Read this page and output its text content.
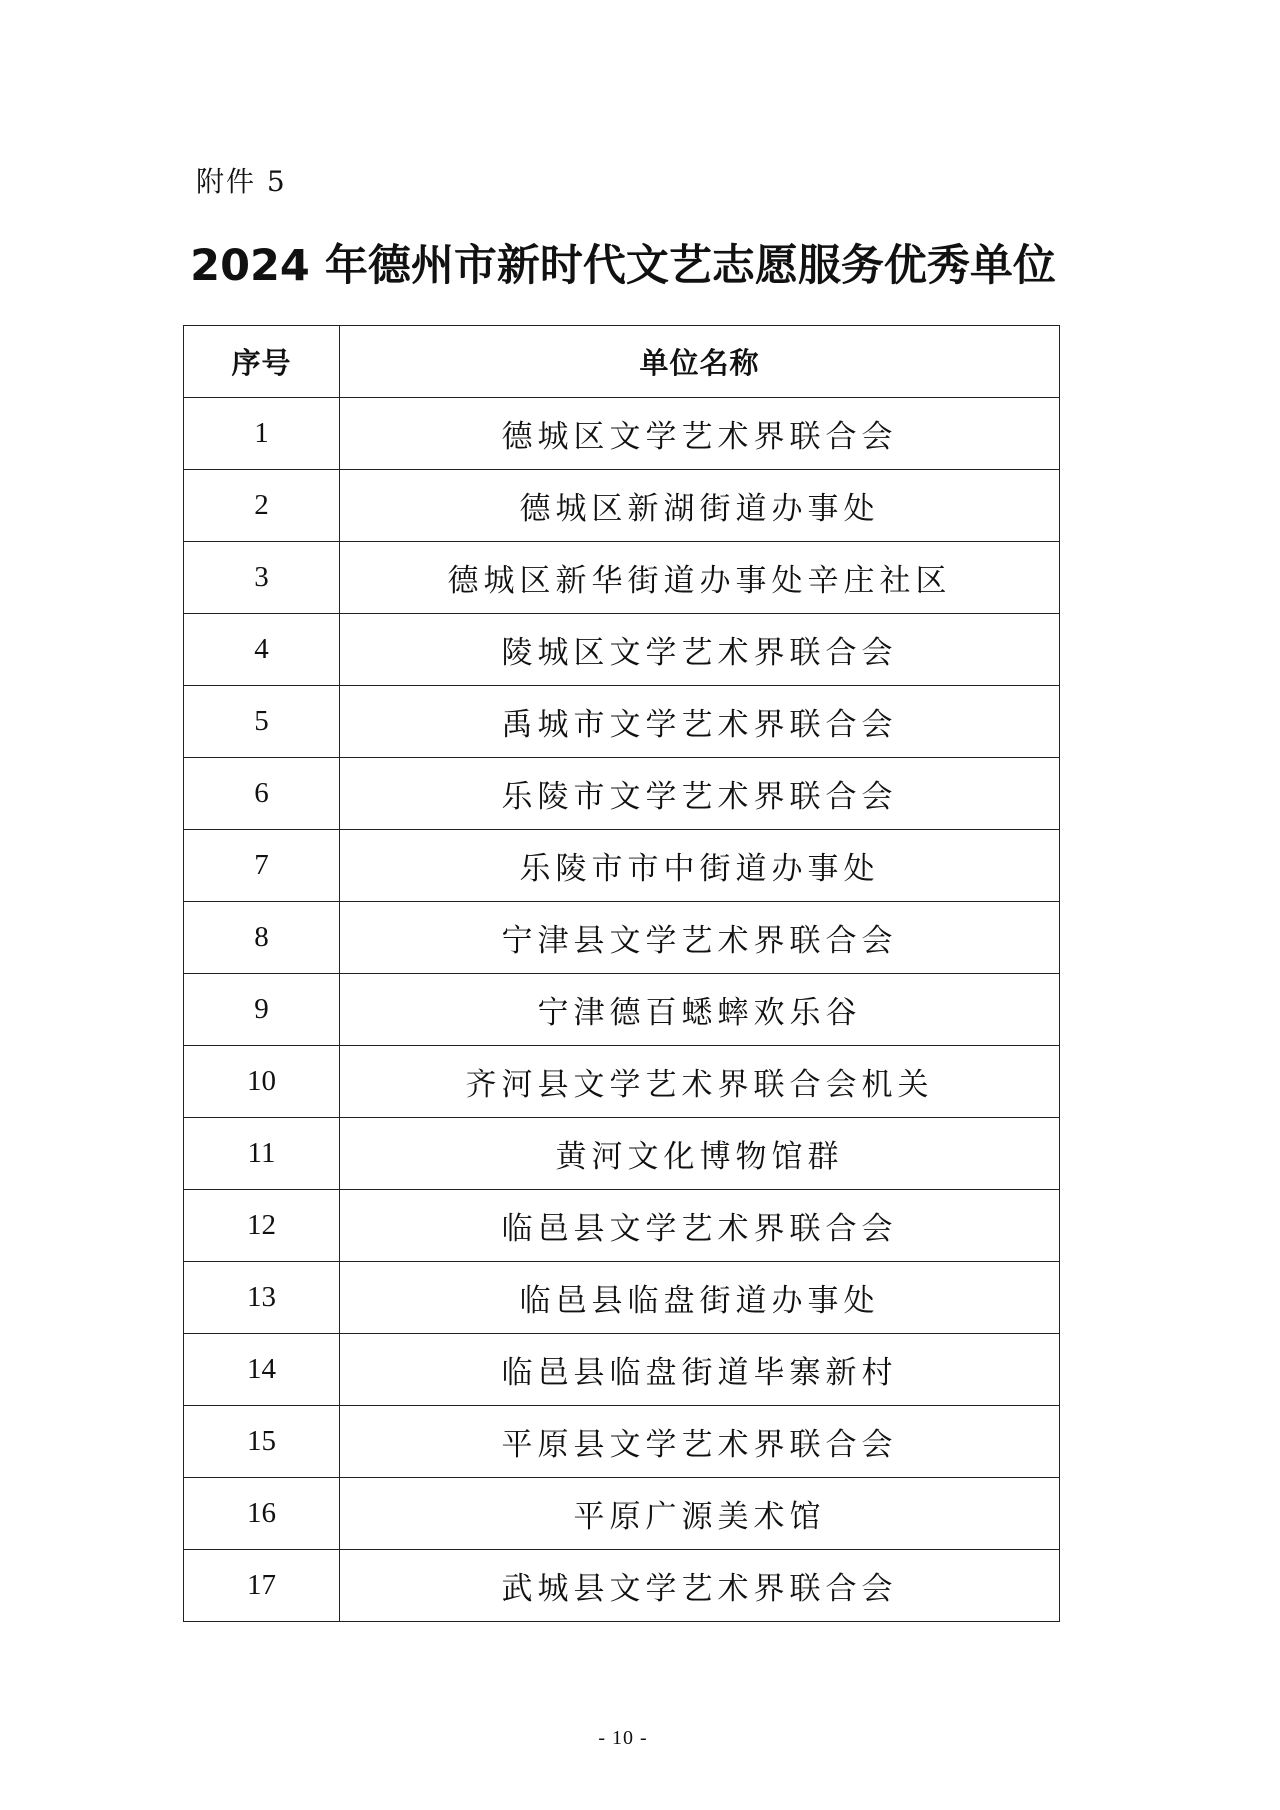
附件 5
2024 年德州市新时代文艺志愿服务优秀单位
序号	单位名称
1	德城区文学艺术界联合会
2	德城区新湖街道办事处
3	德城区新华街道办事处辛庄社区
4	陵城区文学艺术界联合会
5	禹城市文学艺术界联合会
6	乐陵市文学艺术界联合会
7	乐陵市市中街道办事处
8	宁津县文学艺术界联合会
9	宁津德百蟋蟀欢乐谷
10	齐河县文学艺术界联合会机关
11	黄河文化博物馆群
12	临邑县文学艺术界联合会
13	临邑县临盘街道办事处
14	临邑县临盘街道毕寨新村
15	平原县文学艺术界联合会
16	平原广源美术馆
17	武城县文学艺术界联合会
- 10 -
